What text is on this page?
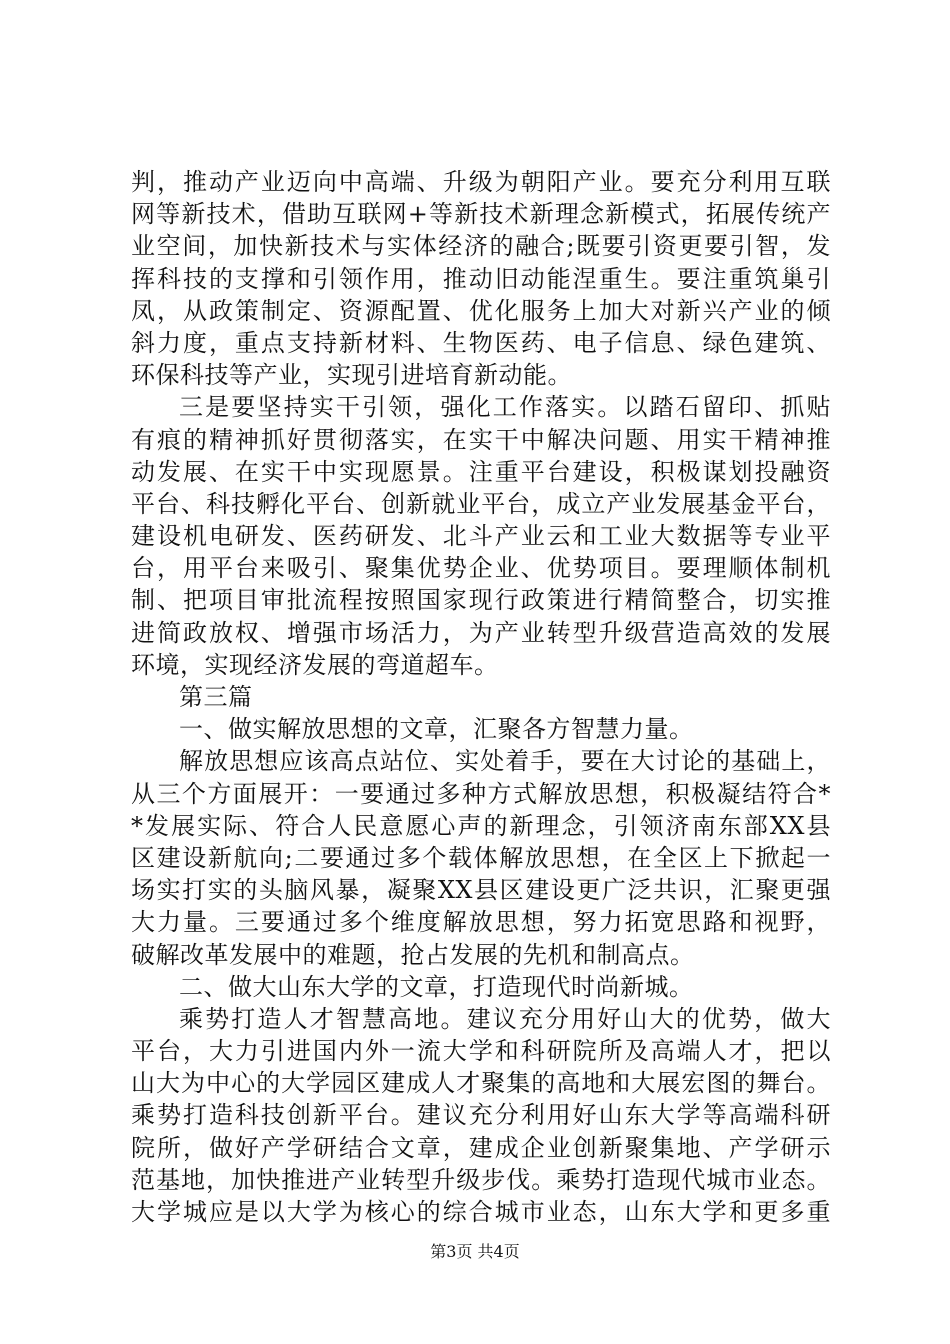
判，推动产业迈向中高端、升级为朝阳产业。要充分利用互联
网等新技术，借助互联网+等新技术新理念新模式，拓展传统产
业空间，加快新技术与实体经济的融合;既要引资更要引智，发
挥科技的支撑和引领作用，推动旧动能涅重生。要注重筑巢引
凤，从政策制定、资源配置、优化服务上加大对新兴产业的倾
斜力度，重点支持新材料、生物医药、电子信息、绿色建筑、
环保科技等产业，实现引进培育新动能。
三是要坚持实干引领，强化工作落实。以踏石留印、抓贴
有痕的精神抓好贯彻落实，在实干中解决问题、用实干精神推
动发展、在实干中实现愿景。注重平台建设，积极谋划投融资
平台、科技孵化平台、创新就业平台，成立产业发展基金平台，
建设机电研发、医药研发、北斗产业云和工业大数据等专业平
台，用平台来吸引、聚集优势企业、优势项目。要理顺体制机
制、把项目审批流程按照国家现行政策进行精简整合，切实推
进简政放权、增强市场活力，为产业转型升级营造高效的发展
环境，实现经济发展的弯道超车。
第三篇
一、做实解放思想的文章，汇聚各方智慧力量。
解放思想应该高点站位、实处着手，要在大讨论的基础上，
从三个方面展开：一要通过多种方式解放思想，积极凝结符合*
*发展实际、符合人民意愿心声的新理念，引领济南东部XX县
区建设新航向;二要通过多个载体解放思想，在全区上下掀起一
场实打实的头脑风暴，凝聚XX县区建设更广泛共识，汇聚更强
大力量。三要通过多个维度解放思想，努力拓宽思路和视野，
破解改革发展中的难题，抢占发展的先机和制高点。
二、做大山东大学的文章，打造现代时尚新城。
乘势打造人才智慧高地。建议充分用好山大的优势，做大
平台，大力引进国内外一流大学和科研院所及高端人才，把以
山大为中心的大学园区建成人才聚集的高地和大展宏图的舞台。
乘势打造科技创新平台。建议充分利用好山东大学等高端科研
院所，做好产学研结合文章，建成企业创新聚集地、产学研示
范基地，加快推进产业转型升级步伐。乘势打造现代城市业态。
大学城应是以大学为核心的综合城市业态，山东大学和更多重
第3页 共4页
